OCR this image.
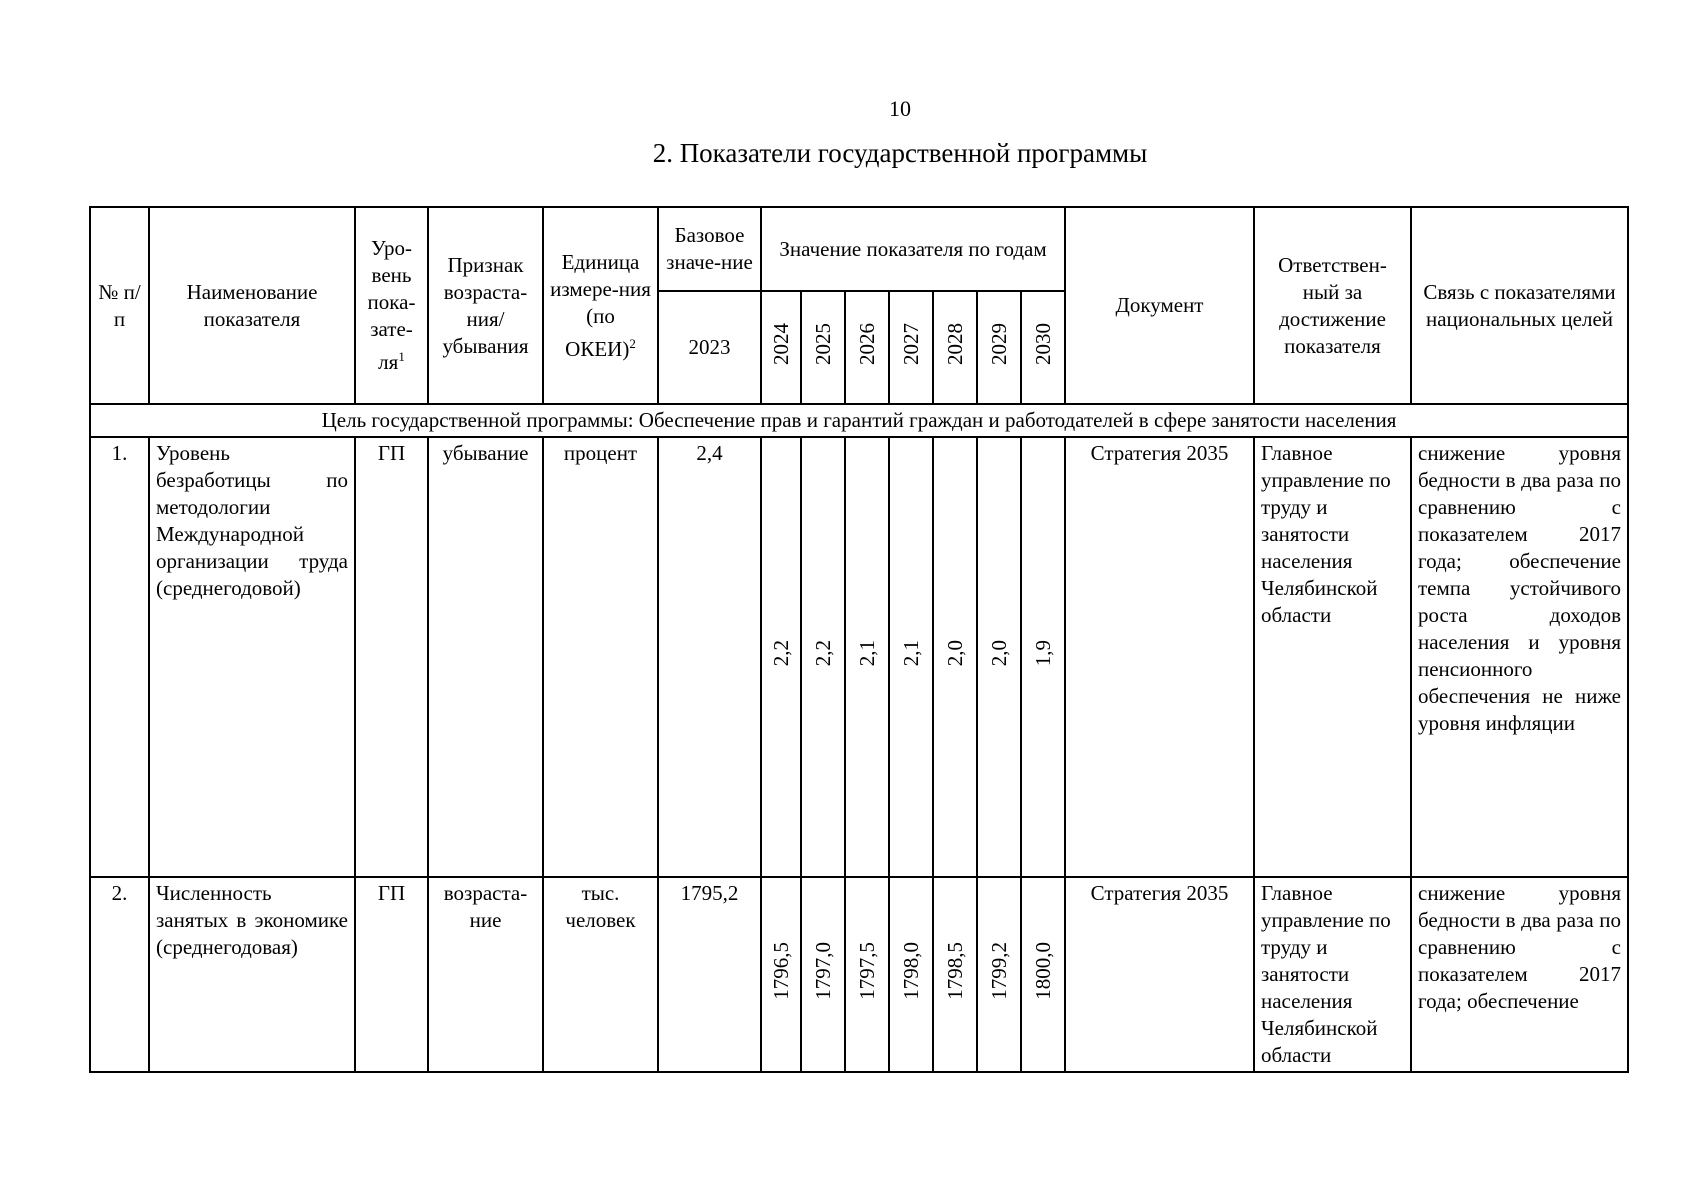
10
2. Показатели государственной программы
№ п/п	Наименование показателя	Уро-вень пока-$зате-ля^1$	Признак возраста-ния/ убывания	Единица измере-ния (по ОКЕИ)$^2$	Базовое значе-ние	Значение показателя по годам							Документ	Ответствен-ный за достижение показателя	Связь с показателями национальных целей
					2023	2024	2025	2026	2027	2028	2029	2030			
Цель государственной программы: Обеспечение прав и гарантий граждан и работодателей в сфере занятости населения															
1.	Уровень безработицы по методологии Международной организации труда (среднегодовой)	ГП	убывание	процент	2,4	2,2	2,2	2,1	2,1	2,0	2,0	1,9	Стратегия 2035	Главное управление по труду и занятости населения Челябинской области	снижение уровня бедности в два раза по сравнению с показателем 2017 года; обеспечение темпа устойчивого роста доходов населения и уровня пенсионного обеспечения не ниже уровня инфляции
2.	Численность занятых в экономике (среднегодовая)	ГП	возраста-ние	тыс. человек	1795,2	1796,5	1797,0	1797,5	1798,0	1798,5	1799,2	1800,0	Стратегия 2035	Главное управление по труду и занятости населения Челябинской области	снижение уровня бедности в два раза по сравнению с показателем 2017 года; обеспечение
